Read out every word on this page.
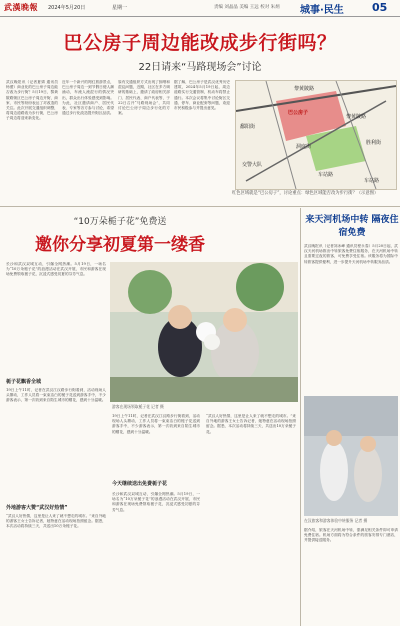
武漢晚報 2024年5月20日	星期一	责编 刘晶晶 美编 王远 校对 朱炳 城事·民生	05
巴公房子周边能改成步行街吗？
22日请来“马路现场会”讨论
武汉晚报讯（记者夏婧 通讯员杨蕾）商业化的巴公房子周边能否改为步行街？5月19日，黎黄陂路街区巴公房子周边开街，商家、市民等纷纷表达了对改造的关注。此次开展交通组织调整，将周边道路改为步行街，巴公房子周边将迎来新变化。
近年一个新兴的网红旅游景点，巴公房子周边一到节假日便人潮涌动，车流人流混行的情况突出，群众出行体验感受到影响。为此，社区邀请商户、居民代表、专家等各方参与讨论，希望通过步行化改造提升街区品质。
原有交通组织方式出现了拥堵和混乱问题，近期，社区在多方调研的基础上，邀请了政府相关部门、居民代表、商户代表等，于22日召开“马路现场会”，共同讨论巴公房子周边步行化的方案。
据了解，巴公房子是武汉优秀历史建筑，2024年5月19日起，周边道路实行交通管制，机动车将禁止通行。本次会议将集中讨论街区交通、停车、商业配套等问题，欢迎市民积极参与并提出意见。
黎黄陂路
巴公房子
鄱阳街
洞庭街
黎黄陂路
胜利街
交警大队
车站路
车站路
红色区域就是“巴公房子”，讨论重点：绿色区域能否改为步行街？（示意图）
“10万朵栀子花”免费送
邀你分享初夏第一缕香
游客在现场领取栀子花 记者 摄
栀子花飘香全城
长沙和武汉双城互动，引爆全网热潮。5月19日，一场名为“10万朵栀子花”的浪漫活动在武汉开展，市民和游客在现场免费领取栀子花，沉浸式感受初夏的芬芳气息。
19日上午11时，记者在武汉江汉路步行街看到，活动现场人头攒动，工作人员将一束束洁白的栀子花送到游客手中，不少游客表示，第一次收到来自陌生城市的赠花，感到十分温暖。
外地游客大赞“武汉好热情”
“武汉人好热情，这里是让人来了就不想走的城市。”来自外地的游客王女士告诉记者，她特意在活动现场拍照留念。据悉，本次活动将持续三天，共送出10万朵栀子花。
今天继续送出免费栀子花
19日上午11时，记者在武汉江汉路步行街看到，活动现场人头攒动，工作人员将一束束洁白的栀子花送到游客手中，不少游客表示，第一次收到来自陌生城市的赠花，感到十分温暖。
“武汉人好热情，这里是让人来了就不想走的城市。”来自外地的游客王女士告诉记者，她特意在活动现场拍照留念。据悉，本次活动将持续三天，共送出10万朵栀子花。
长沙和武汉双城互动，引爆全网热潮。5月19日，一场名为“10万朵栀子花”的浪漫活动在武汉开展，市民和游客在现场免费领取栀子花，沉浸式感受初夏的芬芳气息。
来天河机场中转 隔夜住宿免费
武汉晚报讯（记者刘冰峰 通讯员程永春）5月20日起，武汉天河机场推出中转旅客免费住宿服务，在天河机场中转且需要过夜的旅客，可免费享受住宿。该服务将为国际中转旅客提供便利，进一步提升天河机场中转服务品质。
在汉旅客和游客体验中转服务 记者 摄
据介绍，旅客在天河机场中转，需满足相关条件即可申请免费住宿。机场方面将为符合条件的旅客安排专门酒店，并提供接送服务。
